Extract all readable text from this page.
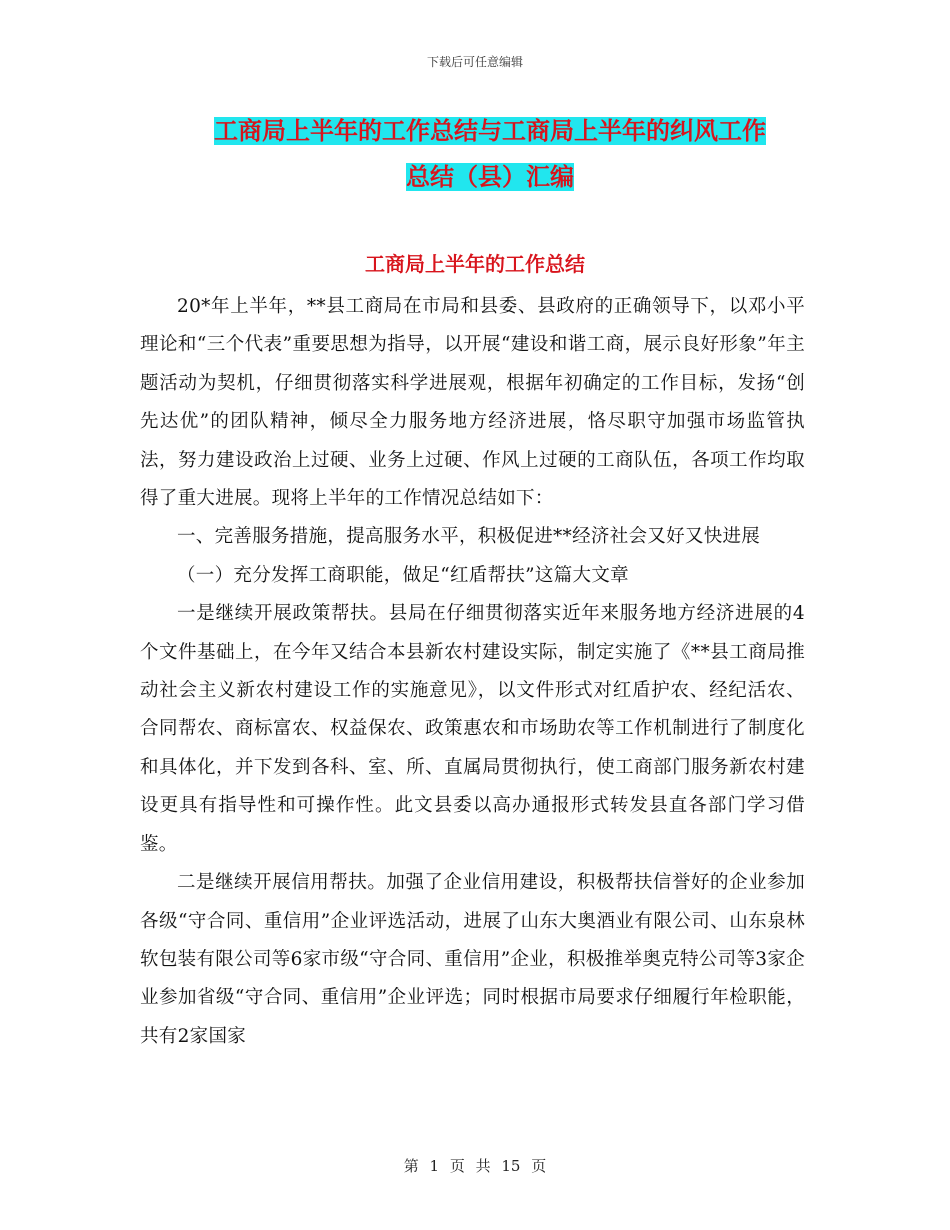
下载后可任意编辑
工商局上半年的工作总结与工商局上半年的纠风工作
总结（县）汇编
工商局上半年的工作总结

20*年上半年，**县工商局在市局和县委、县政府的正确领导下，以邓小平理论和“三个代表”重要思想为指导，以开展“建设和谐工商，展示良好形象”年主题活动为契机，仔细贯彻落实科学进展观，根据年初确定的工作目标，发扬“创先达优”的团队精神，倾尽全力服务地方经济进展，恪尽职守加强市场监管执法，努力建设政治上过硬、业务上过硬、作风上过硬的工商队伍，各项工作均取得了重大进展。现将上半年的工作情况总结如下：

一、完善服务措施，提高服务水平，积极促进**经济社会又好又快进展

（一）充分发挥工商职能，做足“红盾帮扶”这篇大文章

一是继续开展政策帮扶。县局在仔细贯彻落实近年来服务地方经济进展的4个文件基础上，在今年又结合本县新农村建设实际，制定实施了《**县工商局推动社会主义新农村建设工作的实施意见》，以文件形式对红盾护农、经纪活农、合同帮农、商标富农、权益保农、政策惠农和市场助农等工作机制进行了制度化和具体化，并下发到各科、室、所、直属局贯彻执行，使工商部门服务新农村建设更具有指导性和可操作性。此文县委以高办通报形式转发县直各部门学习借鉴。

二是继续开展信用帮扶。加强了企业信用建设，积极帮扶信誉好的企业参加各级“守合同、重信用”企业评选活动，进展了山东大奥酒业有限公司、山东泉林软包装有限公司等6家市级“守合同、重信用”企业，积极推举奥克特公司等3家企业参加省级“守合同、重信用”企业评选；同时根据市局要求仔细履行年检职能，共有2家国家

第 1 页 共 15 页
